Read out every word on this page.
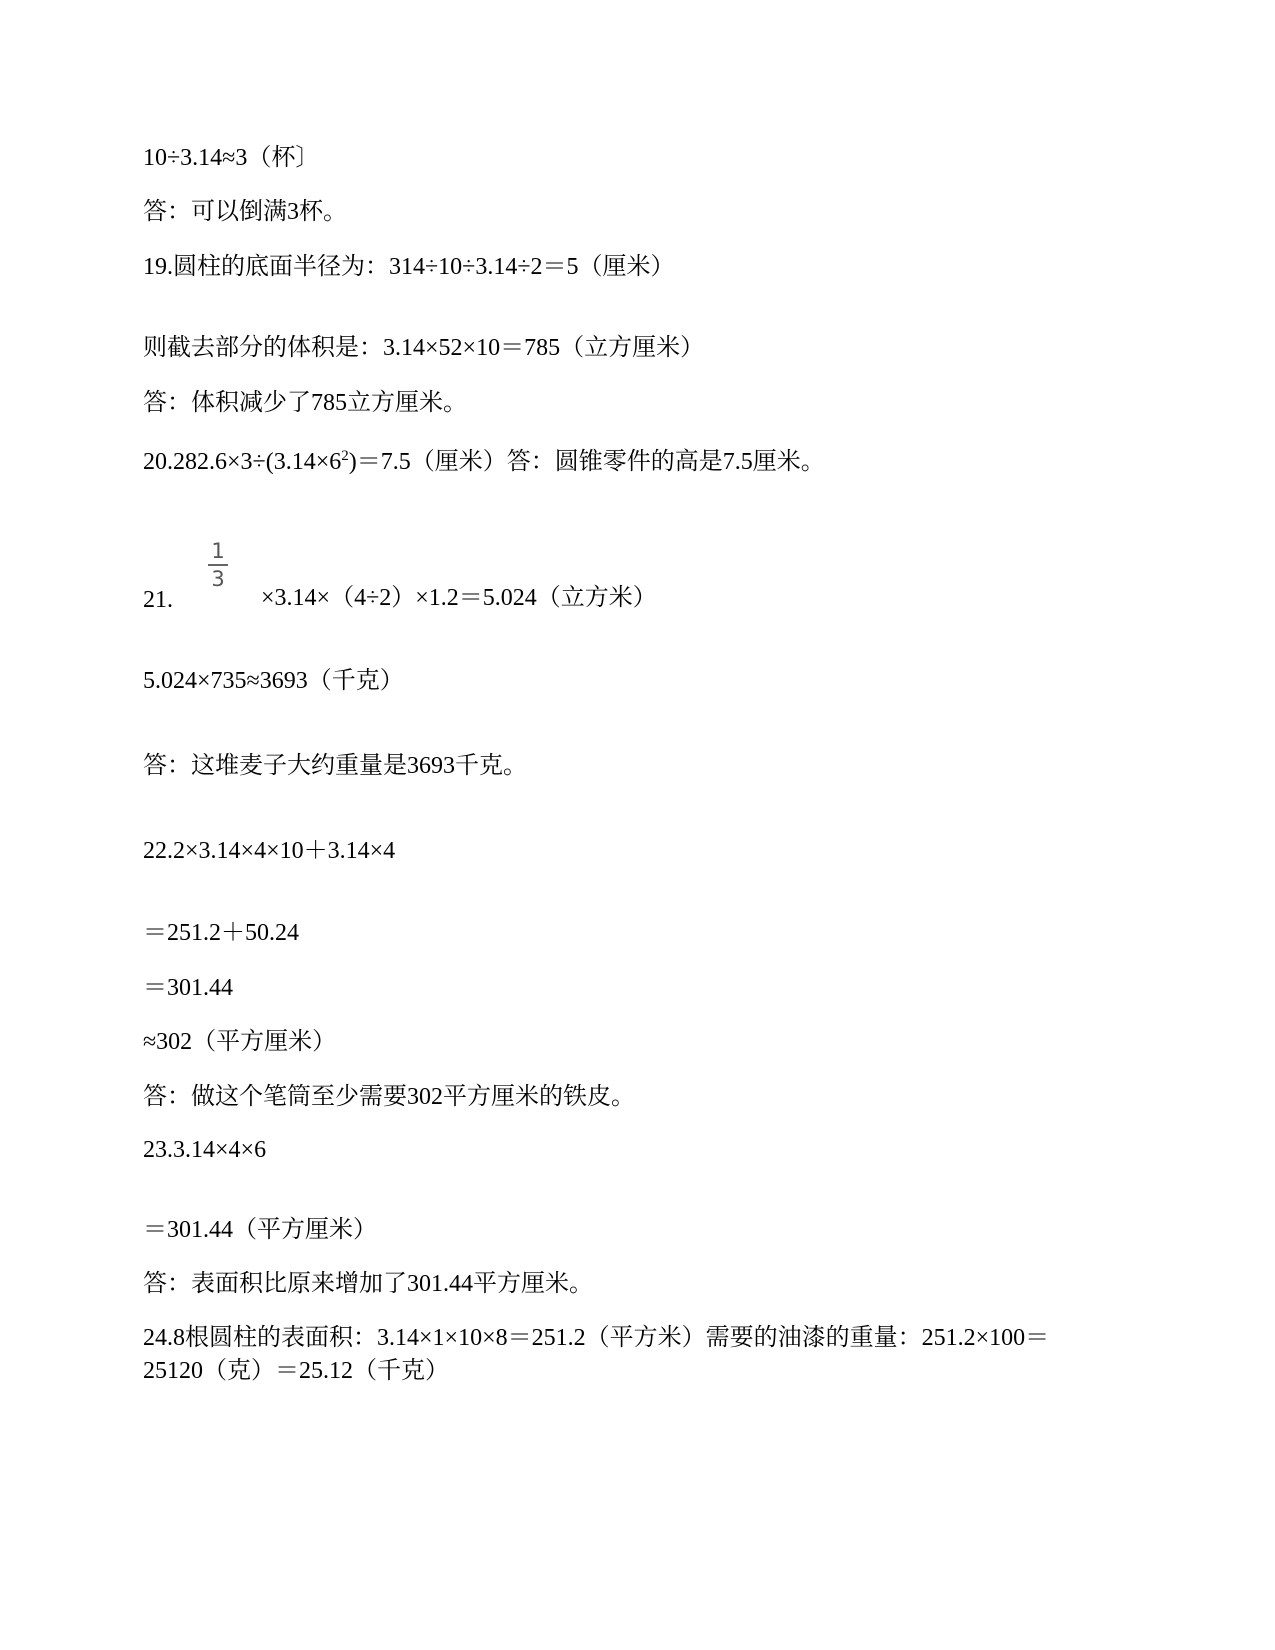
10÷3.14≈3（杯〕
答：可以倒满3杯。
19.圆柱的底面半径为：314÷10÷3.14÷2＝5（厘米）
则截去部分的体积是：3.14×52×10＝785（立方厘米）
答：体积减少了785立方厘米。
$20.282.6\times 3\div(3.14\times 6^2)=7.5$（厘米）答：圆锥零件的高是7.5厘米。
21.
1
3
×3.14×（4÷2）×1.2＝5.024（立方米）
5.024×735≈3693（千克）
答：这堆麦子大约重量是3693千克。
22.2×3.14×4×10＋3.14×4
＝251.2＋50.24
＝301.44
≈302（平方厘米）
答：做这个笔筒至少需要302平方厘米的铁皮。
23.3.14×4×6
＝301.44（平方厘米）
答：表面积比原来增加了301.44平方厘米。
24.8根圆柱的表面积：3.14×1×10×8＝251.2（平方米）需要的油漆的重量：251.2×100＝25120（克）＝25.12（千克）
